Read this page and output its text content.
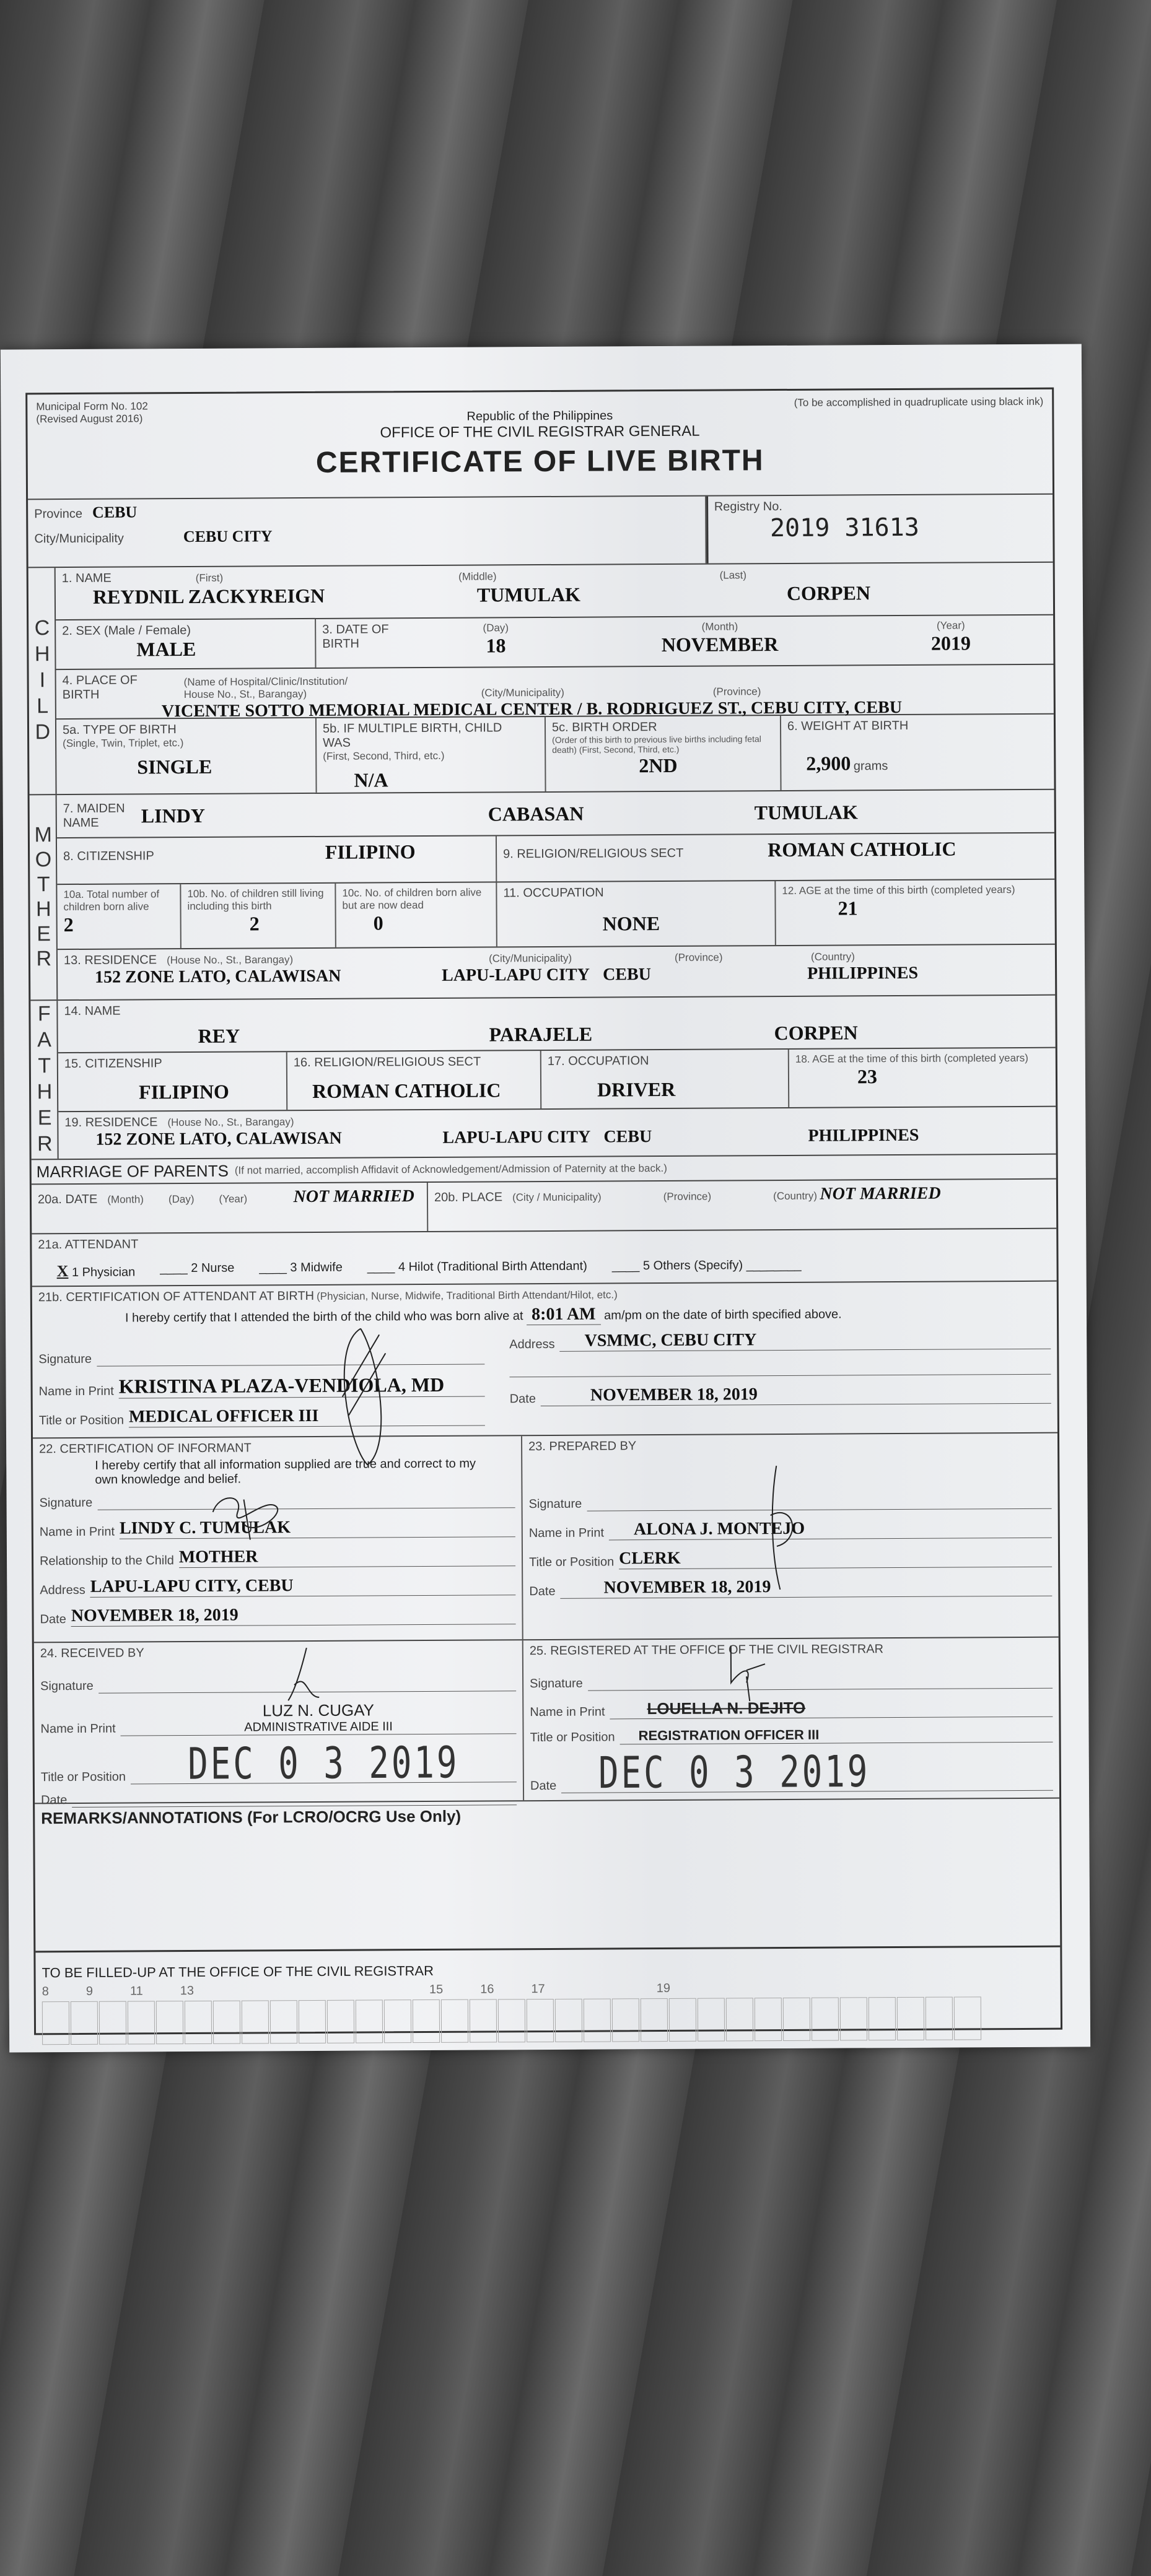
Municipal Form No. 102
(Revised August 2016)
(To be accomplished in quadruplicate using black ink)
Republic of the Philippines
OFFICE OF THE CIVIL REGISTRAR GENERAL
CERTIFICATE OF LIVE BIRTH
Province CEBU
City/Municipality	CEBU CITY
Registry No.
2019 31613
CHILD
1. NAME	(First)	(Middle)	(Last)
REYDNIL ZACKYREIGN	TUMULAK	CORPEN
2. SEX (Male / Female)MALE
3. DATE OF BIRTH
(Day)
18
(Month)
NOVEMBER
(Year)
2019
4. PLACE OF BIRTH(Name of Hospital/Clinic/Institution/ House No., St., Barangay)	(City/Municipality)	(Province) VICENTE SOTTO MEMORIAL MEDICAL CENTER / B. RODRIGUEZ ST., CEBU CITY, CEBU
5a. TYPE OF BIRTH
(Single, Twin, Triplet, etc.)
SINGLE
5b. IF MULTIPLE BIRTH, CHILD WAS
(First, Second, Third, etc.)
N/A
5c. BIRTH ORDER
(Order of this birth to previous live births including fetal death) (First, Second, Third, etc.)
2ND
6. WEIGHT AT BIRTH
2,900 grams
MOTHER
7. MAIDEN NAME	LINDY	CABASAN	TUMULAK
8. CITIZENSHIP	FILIPINO	9. RELIGION/RELIGIOUS SECT	ROMAN CATHOLIC
10a. Total number of children born alive
2
10b. No. of children still living including this birth
2
10c. No. of children born alive but are now dead
0
11. OCCUPATIONNONE
12. AGE at the time of this birth (completed years)
21
13. RESIDENCE (House No., St., Barangay)	(City/Municipality)	(Province)	(Country)
152 ZONE LATO, CALAWISAN	LAPU-LAPU CITY CEBU	PHILIPPINES
FATHER 14. NAME
REY	PARAJELE	CORPEN
15. CITIZENSHIPFILIPINO
16. RELIGION/RELIGIOUS SECTROMAN CATHOLIC
17. OCCUPATIONDRIVER
18. AGE at the time of this birth (completed years)
23
19. RESIDENCE (House No., St., Barangay)
152 ZONE LATO, CALAWISAN	LAPU-LAPU CITY CEBU	PHILIPPINES
MARRIAGE OF PARENTS (If not married, accomplish Affidavit of Acknowledgement/Admission of Paternity at the back.)
20a. DATE (Month) (Day) (Year)	NOT MARRIED	20b. PLACE (City / Municipality)	(Province)	(Country) NOT MARRIED
21a. ATTENDANT
X 1 Physician ____ 2 Nurse ____ 3 Midwife ____ 4 Hilot (Traditional Birth Attendant) ____ 5 Others (Specify) ________
21b. CERTIFICATION OF ATTENDANT AT BIRTH (Physician, Nurse, Midwife, Traditional Birth Attendant/Hilot, etc.)
I hereby certify that I attended the birth of the child who was born alive at 8:01 AM am/pm on the date of birth specified above.
Signature
Name in Print KRISTINA PLAZA-VENDIOLA, MD
Title or Position MEDICAL OFFICER III
Address	VSMMC, CEBU CITY
Date	NOVEMBER 18, 2019
22. CERTIFICATION OF INFORMANT
I hereby certify that all information supplied are true and correct to my own knowledge and belief.
Signature
Name in Print LINDY C. TUMULAK
Relationship to the Child MOTHER
Address LAPU-LAPU CITY, CEBU
Date NOVEMBER 18, 2019
23. PREPARED BY
Signature
Name in Print	ALONA J. MONTEJO
Title or Position CLERK
Date	NOVEMBER 18, 2019
24. RECEIVED BY
Signature
Name in Print
LUZ N. CUGAY
ADMINISTRATIVE AIDE III
Title or Position	DEC 0 3 2019
Date
25. REGISTERED AT THE OFFICE OF THE CIVIL REGISTRAR
Signature
Name in Print	LOUELLA N. DEJITO
Title or Position	REGISTRATION OFFICER III
Date	DEC 0 3 2019
REMARKS/ANNOTATIONS (For LCRO/OCRG Use Only)
TO BE FILLED-UP AT THE OFFICE OF THE CIVIL REGISTRAR
8	9	11	13	15	16	17	19
